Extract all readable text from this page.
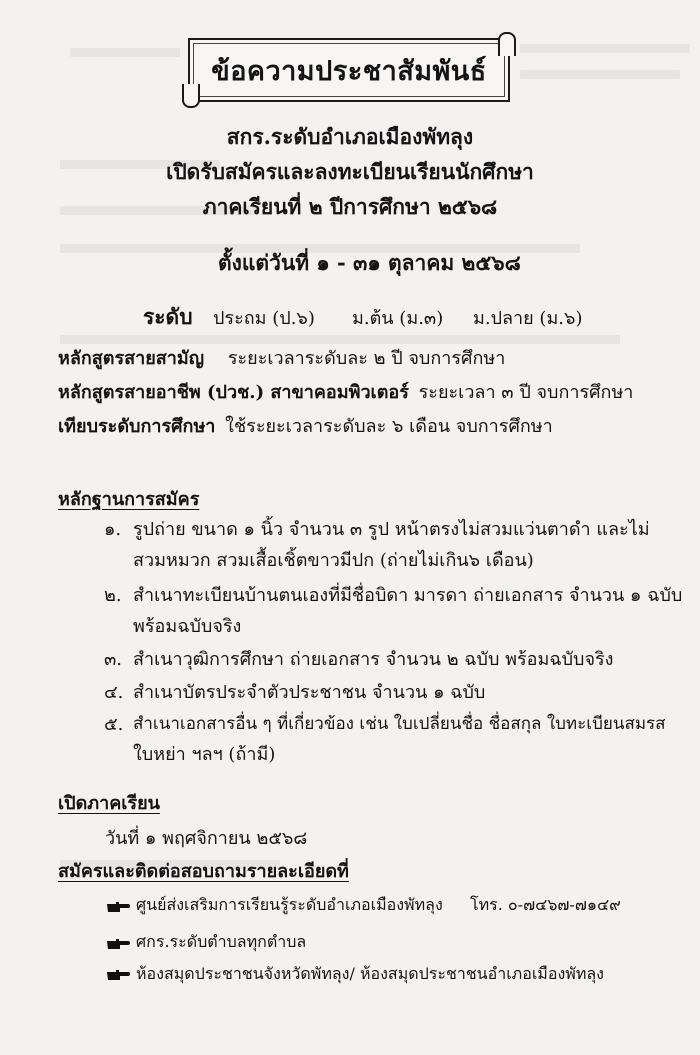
ข้อความประชาสัมพันธ์
สกร.ระดับอำเภอเมืองพัทลุง
เปิดรับสมัครและลงทะเบียนเรียนนักศึกษา
ภาคเรียนที่ ๒ ปีการศึกษา ๒๕๖๘
ตั้งแต่วันที่ ๑ - ๓๑ ตุลาคม ๒๕๖๘
ระดับ ประถม (ป.๖) ม.ต้น (ม.๓) ม.ปลาย (ม.๖)
หลักสูตรสายสามัญ ระยะเวลาระดับละ ๒ ปี จบการศึกษา
หลักสูตรสายอาชีพ (ปวช.) สาขาคอมพิวเตอร์ ระยะเวลา ๓ ปี จบการศึกษา
เทียบระดับการศึกษา ใช้ระยะเวลาระดับละ ๖ เดือน จบการศึกษา
หลักฐานการสมัคร
๑. รูปถ่าย ขนาด ๑ นิ้ว จำนวน ๓ รูป หน้าตรงไม่สวมแว่นตาดำ และไม่
สวมหมวก สวมเสื้อเชิ้ตขาวมีปก (ถ่ายไม่เกิน๖ เดือน)
๒. สำเนาทะเบียนบ้านตนเองที่มีชื่อบิดา มารดา ถ่ายเอกสาร จำนวน ๑ ฉบับ
พร้อมฉบับจริง
๓. สำเนาวุฒิการศึกษา ถ่ายเอกสาร จำนวน ๒ ฉบับ พร้อมฉบับจริง
๔. สำเนาบัตรประจำตัวประชาชน จำนวน ๑ ฉบับ
๕. สำเนาเอกสารอื่น ๆ ที่เกี่ยวข้อง เช่น ใบเปลี่ยนชื่อ ชื่อสกุล ใบทะเบียนสมรส
ใบหย่า ฯลฯ (ถ้ามี)
เปิดภาคเรียน
วันที่ ๑ พฤศจิกายน ๒๕๖๘
สมัครและติดต่อสอบถามรายละเอียดที่
ศูนย์ส่งเสริมการเรียนรู้ระดับอำเภอเมืองพัทลุง โทร. ๐-๗๔๖๗-๗๑๔๙
ศกร.ระดับตำบลทุกตำบล
ห้องสมุดประชาชนจังหวัดพัทลุง/ ห้องสมุดประชาชนอำเภอเมืองพัทลุง
